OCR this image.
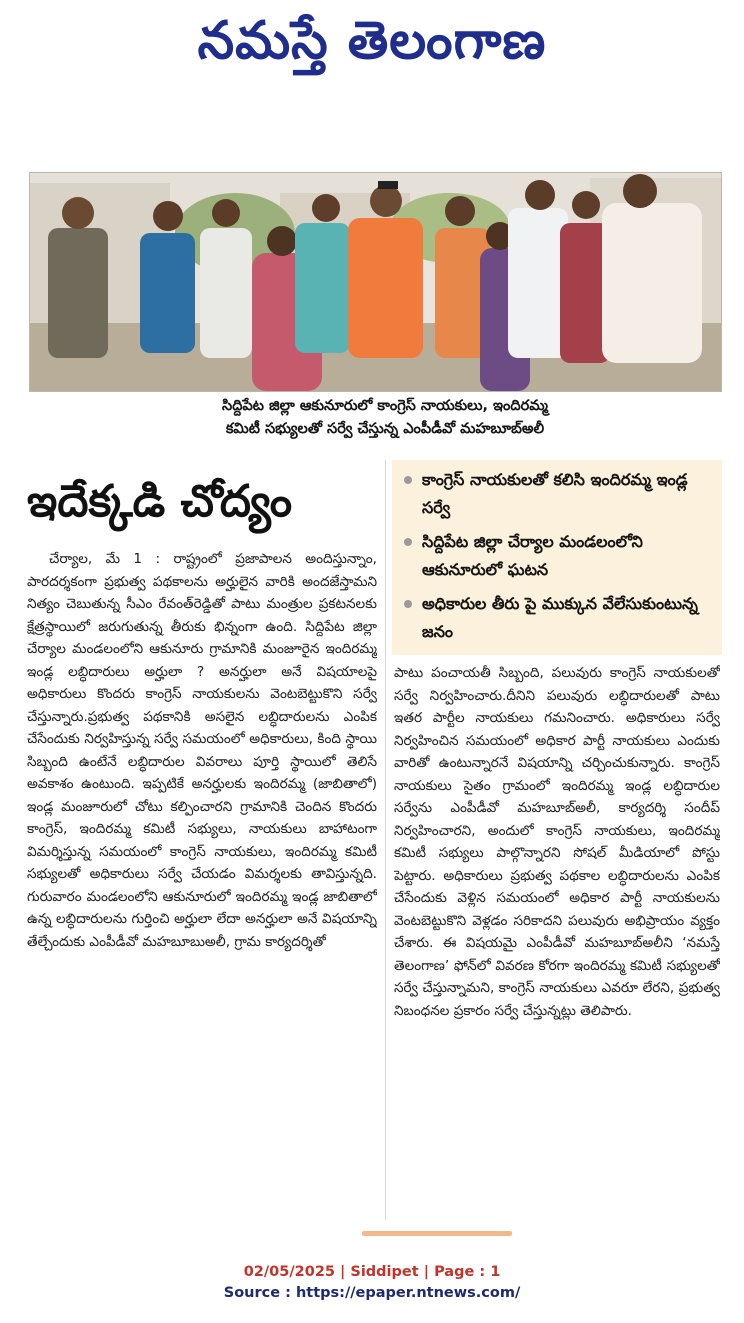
నమస్తే తెలంగాణ
సిద్దిపేట జిల్లా ఆకునూరులో కాంగ్రెస్ నాయకులు, ఇందిరమ్మ
కమిటీ సభ్యులతో సర్వే చేస్తున్న ఎంపీడీవో మహబూబ్అలీ
ఇదేక్కడి చోద్యం	కాంగ్రెస్ నాయకులతో కలిసి ఇందిరమ్మ ఇండ్ల సర్వే
సిద్దిపేట జిల్లా చేర్యాల మండలంలోని ఆకునూరులో ఘటన
అధికారుల తీరు పై ముక్కున వేలేసుకుంటున్న జనం

చేర్యాల, మే 1 : రాష్ట్రంలో ప్రజాపాలన అందిస్తున్నాం, పారదర్శకంగా ప్రభుత్వ పథకాలను అర్హులైన వారికి అందజేస్తామని నిత్యం చెబుతున్న సీఎం రేవంత్‌రెడ్డితో పాటు మంత్రుల ప్రకటనలకు క్షేత్రస్థాయిలో జరుగుతున్న తీరుకు భిన్నంగా ఉంది. సిద్దిపేట జిల్లా చేర్యాల మండలంలోని ఆకునూరు గ్రామానికి మంజూరైన ఇందిరమ్మ ఇండ్ల లబ్ధిదారులు అర్హులా ? అనర్హులా అనే విషయాలపై అధికారులు కొందరు కాంగ్రెస్ నాయకులను వెంటబెట్టుకొని సర్వే చేస్తున్నారు.ప్రభుత్వ పథకానికి అసలైన లబ్ధిదారులను ఎంపిక చేసేందుకు నిర్వహిస్తున్న సర్వే సమయంలో అధికారులు, కింది స్థాయి సిబ్బంది ఉంటేనే లబ్ధిదారుల వివరాలు పూర్తి స్థాయిలో తెలిసే అవకాశం ఉంటుంది. ఇప్పటికే అనర్హులకు ఇందిరమ్మ (జాబితాలో) ఇండ్ల మంజూరులో చోటు కల్పించారని గ్రామానికి చెందిన కొందరు కాంగ్రెస్, ఇందిరమ్మ కమిటీ సభ్యులు, నాయకులు బాహాటంగా విమర్శిస్తున్న సమయంలో కాంగ్రెస్ నాయకులు, ఇందిరమ్మ కమిటీ సభ్యులతో అధికారులు సర్వే చేయడం విమర్శలకు తావిస్తున్నది. గురువారం మండలంలోని ఆకునూరులో ఇందిరమ్మ ఇండ్ల జాబితాలో ఉన్న లబ్ధిదారులను గుర్తించి అర్హులా లేదా అనర్హులా అనే విషయాన్ని తేల్చేందుకు ఎంపీడీవో మహబూబుఅలీ, గ్రామ కార్యదర్శితో

పాటు పంచాయతీ సిబ్బంది, పలువురు కాంగ్రెస్ నాయకులతో సర్వే నిర్వహించారు.దీనిని పలువురు లబ్ధిదారులతో పాటు ఇతర పార్టీల నాయకులు గమనించారు. అధికారులు సర్వే నిర్వహించిన సమయంలో అధికార పార్టీ నాయకులు ఎందుకు వారితో ఉంటున్నారనే విషయాన్ని చర్చించుకున్నారు. కాంగ్రెస్ నాయకులు సైతం గ్రామంలో ఇందిరమ్మ ఇండ్ల లబ్ధిదారుల సర్వేను ఎంపీడీవో మహబూబ్అలీ, కార్యదర్శి సందీప్ నిర్వహించారని, అందులో కాంగ్రెస్ నాయకులు, ఇందిరమ్మ కమిటీ సభ్యులు పాల్గొన్నారని సోషల్ మీడియాలో పోస్టు పెట్టారు. అధికారులు ప్రభుత్వ పథకాల లబ్ధిదారులను ఎంపిక చేసేందుకు వెళ్లిన సమయంలో అధికార పార్టీ నాయకులను వెంటబెట్టుకొని వెళ్లడం సరికాదని పలువురు అభిప్రాయం వ్యక్తం చేశారు. ఈ విషయమై ఎంపీడీవో మహబూబ్అలీని ‘నమస్తే తెలంగాణ’ ఫోన్‌లో వివరణ కోరగా ఇందిరమ్మ కమిటీ సభ్యులతో సర్వే చేస్తున్నామని, కాంగ్రెస్ నాయకులు ఎవరూ లేరని, ప్రభుత్వ నిబంధనల ప్రకారం సర్వే చేస్తున్నట్లు తెలిపారు.

02/05/2025 | Siddipet | Page : 1
Source : https://epaper.ntnews.com/
